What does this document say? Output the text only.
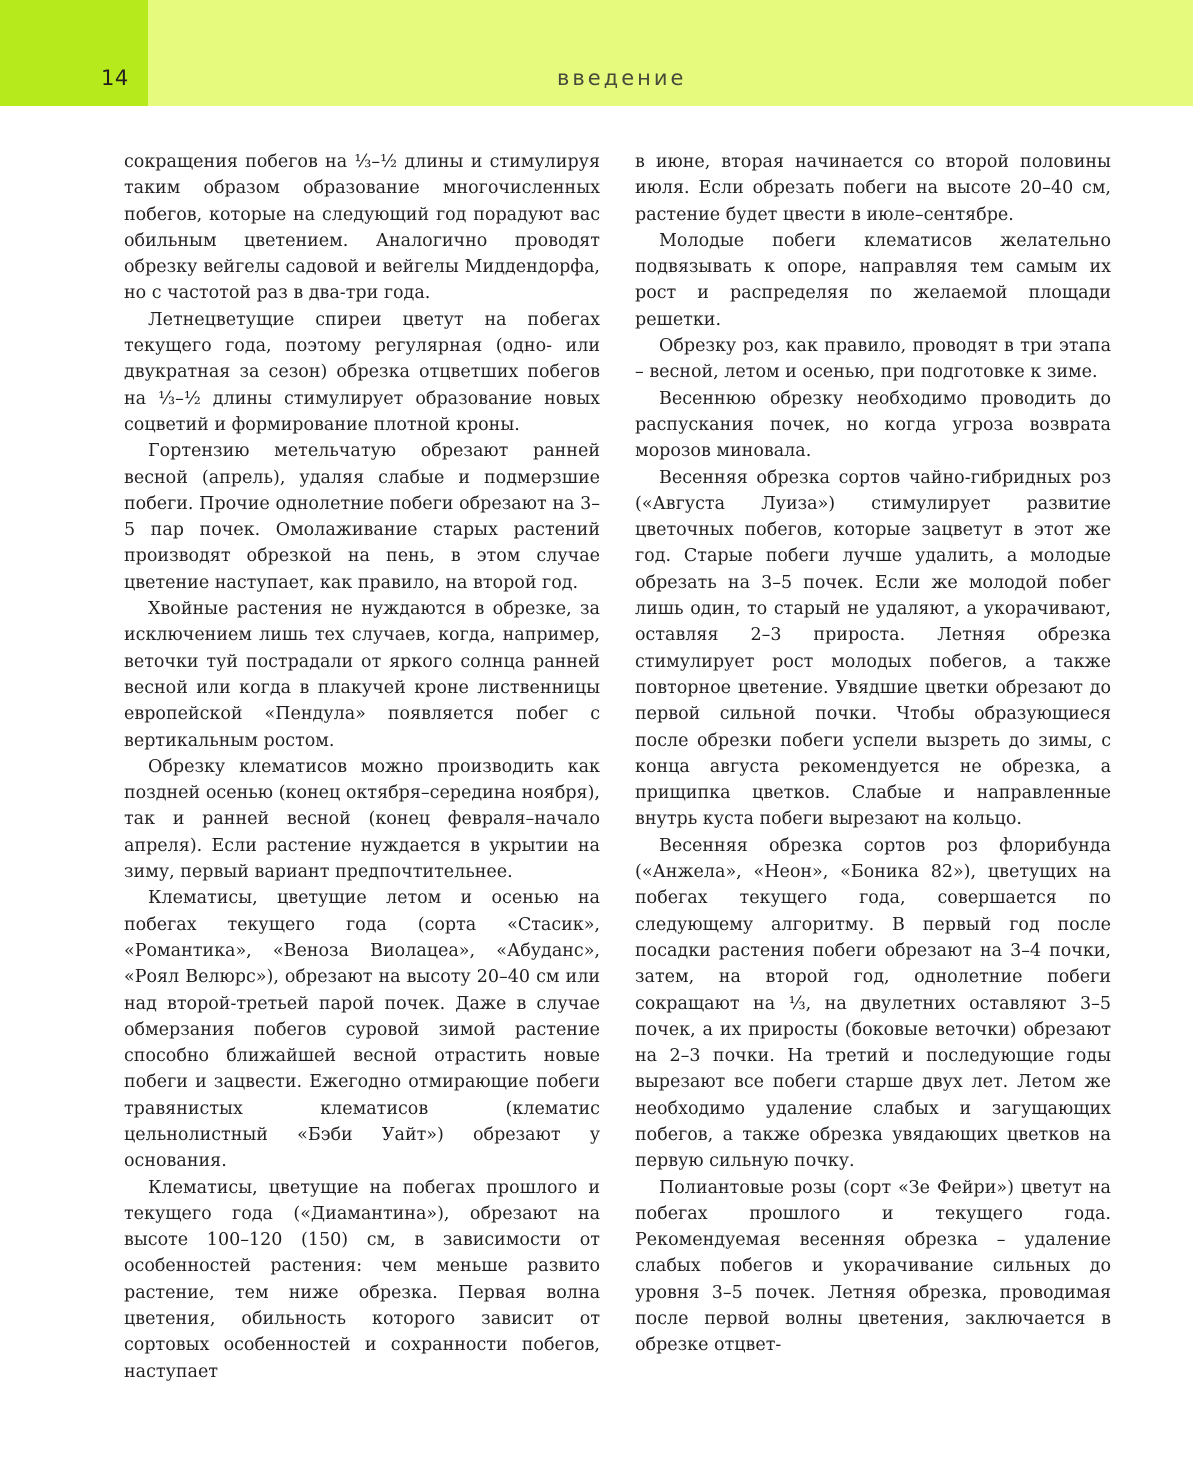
14	введение

сокращения побегов на ⅓–½ длины и стимулируя таким образом образование многочисленных побегов, которые на следующий год порадуют вас обильным цветением. Аналогично проводят обрезку вейгелы садовой и вейгелы Миддендорфа, но с частотой раз в два-три года.

Летнецветущие спиреи цветут на побегах текущего года, поэтому регулярная (одно- или двукратная за сезон) обрезка отцветших побегов на ⅓–½ длины стимулирует образование новых соцветий и формирование плотной кроны.

Гортензию метельчатую обрезают ранней весной (апрель), удаляя слабые и подмерзшие побеги. Прочие однолетние побеги обрезают на 3–5 пар почек. Омолаживание старых растений производят обрезкой на пень, в этом случае цветение наступает, как правило, на второй год.

Хвойные растения не нуждаются в обрезке, за исключением лишь тех случаев, когда, например, веточки туй пострадали от яркого солнца ранней весной или когда в плакучей кроне лиственницы европейской «Пендула» появляется побег с вертикальным ростом.

Обрезку клематисов можно производить как поздней осенью (конец октября–середина ноября), так и ранней весной (конец февраля–начало апреля). Если растение нуждается в укрытии на зиму, первый вариант предпочтительнее.

Клематисы, цветущие летом и осенью на побегах текущего года (сорта «Стасик», «Романтика», «Веноза Виолацеа», «Абуданс», «Роял Велюрс»), обрезают на высоту 20–40 см или над второй-третьей парой почек. Даже в случае обмерзания побегов суровой зимой растение способно ближайшей весной отрастить новые побеги и зацвести. Ежегодно отмирающие побеги травянистых клематисов (клематис цельнолистный «Бэби Уайт») обрезают у основания.

Клематисы, цветущие на побегах прошлого и текущего года («Диамантина»), обрезают на высоте 100–120 (150) см, в зависимости от особенностей растения: чем меньше развито растение, тем ниже обрезка. Первая волна цветения, обильность которого зависит от сортовых особенностей и сохранности побегов, наступает

в июне, вторая начинается со второй половины июля. Если обрезать побеги на высоте 20–40 см, растение будет цвести в июле–сентябре.

Молодые побеги клематисов желательно подвязывать к опоре, направляя тем самым их рост и распределяя по желаемой площади решетки.

Обрезку роз, как правило, проводят в три этапа – весной, летом и осенью, при подготовке к зиме.

Весеннюю обрезку необходимо проводить до распускания почек, но когда угроза возврата морозов миновала.

Весенняя обрезка сортов чайно-гибридных роз («Августа Луиза») стимулирует развитие цветочных побегов, которые зацветут в этот же год. Старые побеги лучше удалить, а молодые обрезать на 3–5 почек. Если же молодой побег лишь один, то старый не удаляют, а укорачивают, оставляя 2–3 прироста. Летняя обрезка стимулирует рост молодых побегов, а также повторное цветение. Увядшие цветки обрезают до первой сильной почки. Чтобы образующиеся после обрезки побеги успели вызреть до зимы, с конца августа рекомендуется не обрезка, а прищипка цветков. Слабые и направленные внутрь куста побеги вырезают на кольцо.

Весенняя обрезка сортов роз флорибунда («Анжела», «Неон», «Боника 82»), цветущих на побегах текущего года, совершается по следующему алгоритму. В первый год после посадки растения побеги обрезают на 3–4 почки, затем, на второй год, однолетние побеги сокращают на ⅓, на двулетних оставляют 3–5 почек, а их приросты (боковые веточки) обрезают на 2–3 почки. На третий и последующие годы вырезают все побеги старше двух лет. Летом же необходимо удаление слабых и загущающих побегов, а также обрезка увядающих цветков на первую сильную почку.

Полиантовые розы (сорт «Зе Фейри») цветут на побегах прошлого и текущего года. Рекомендуемая весенняя обрезка – удаление слабых побегов и укорачивание сильных до уровня 3–5 почек. Летняя обрезка, проводимая после первой волны цветения, заключается в обрезке отцвет-
